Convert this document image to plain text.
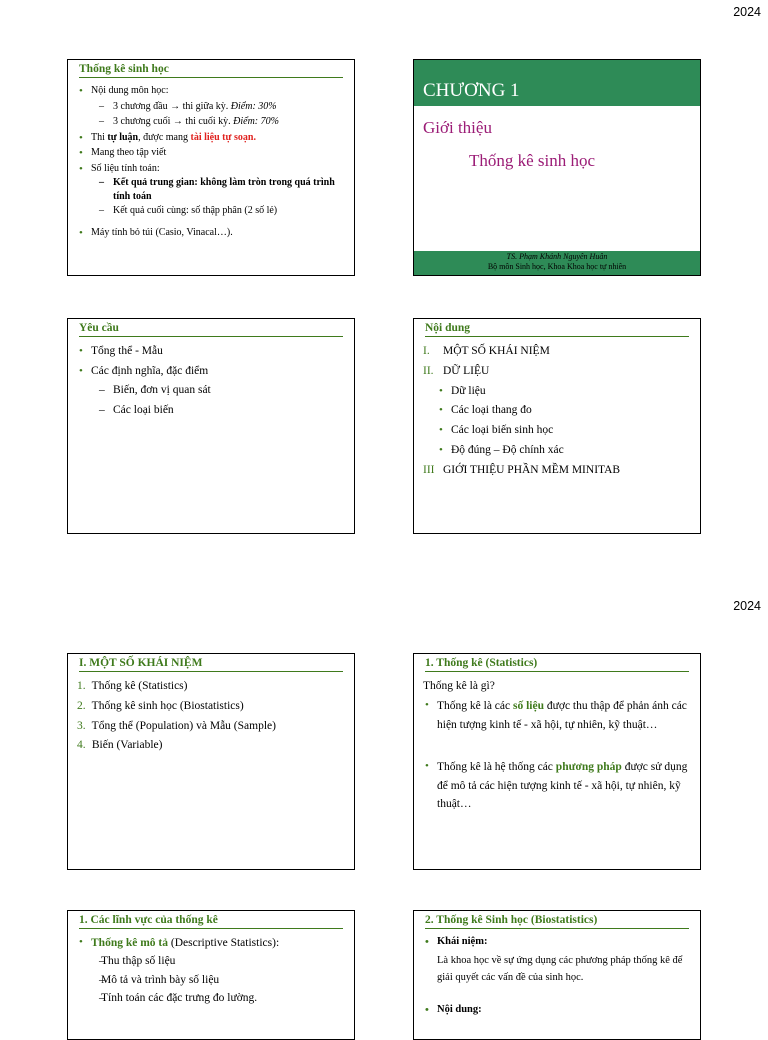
2024
2024
Thống kê sinh học

• Nội dung môn học:

– 3 chương đầu → thi giữa kỳ. Điểm: 30%

– 3 chương cuối → thi cuối kỳ. Điểm: 70%

• Thi tự luận, được mang tài liệu tự soạn.

• Mang theo tập viết

• Số liệu tính toán:

– Kết quả trung gian: không làm tròn trong quá trình tính toán

– Kết quả cuối cùng: số thập phân (2 số lẻ)

• Máy tính bỏ túi (Casio, Vinacal…).

CHƯƠNG 1
Giới thiệu
Thống kê sinh học
TS. Phạm Khánh Nguyên Huân
Bộ môn Sinh học, Khoa Khoa học tự nhiên
Yêu cầu

• Tổng thể - Mẫu

• Các định nghĩa, đặc điểm

– Biến, đơn vị quan sát

– Các loại biến

Nội dung

I. MỘT SỐ KHÁI NIỆM

II. DỮ LIỆU

• Dữ liệu

• Các loại thang đo

• Các loại biến sinh học

• Độ đúng – Độ chính xác

III GIỚI THIỆU PHẦN MỀM MINITAB

I. MỘT SỐ KHÁI NIỆM

1. Thống kê (Statistics)

2. Thống kê sinh học (Biostatistics)

3. Tổng thể (Population) và Mẫu (Sample)

4. Biến (Variable)

1. Thống kê (Statistics)

Thống kê là gì?

• Thống kê là các số liệu được thu thập để phản ánh các hiện tượng kinh tế - xã hội, tự nhiên, kỹ thuật…

• Thống kê là hệ thống các phương pháp được sử dụng để mô tả các hiện tượng kinh tế - xã hội, tự nhiên, kỹ thuật…

1. Các lĩnh vực của thống kê

• Thống kê mô tả (Descriptive Statistics):

– Thu thập số liệu

– Mô tả và trình bày số liệu

– Tính toán các đặc trưng đo lường.

2. Thống kê Sinh học (Biostatistics)

• Khái niệm:

Là khoa học về sự ứng dụng các phương pháp thống kê để giải quyết các vấn đề của sinh học.

• Nội dung:
